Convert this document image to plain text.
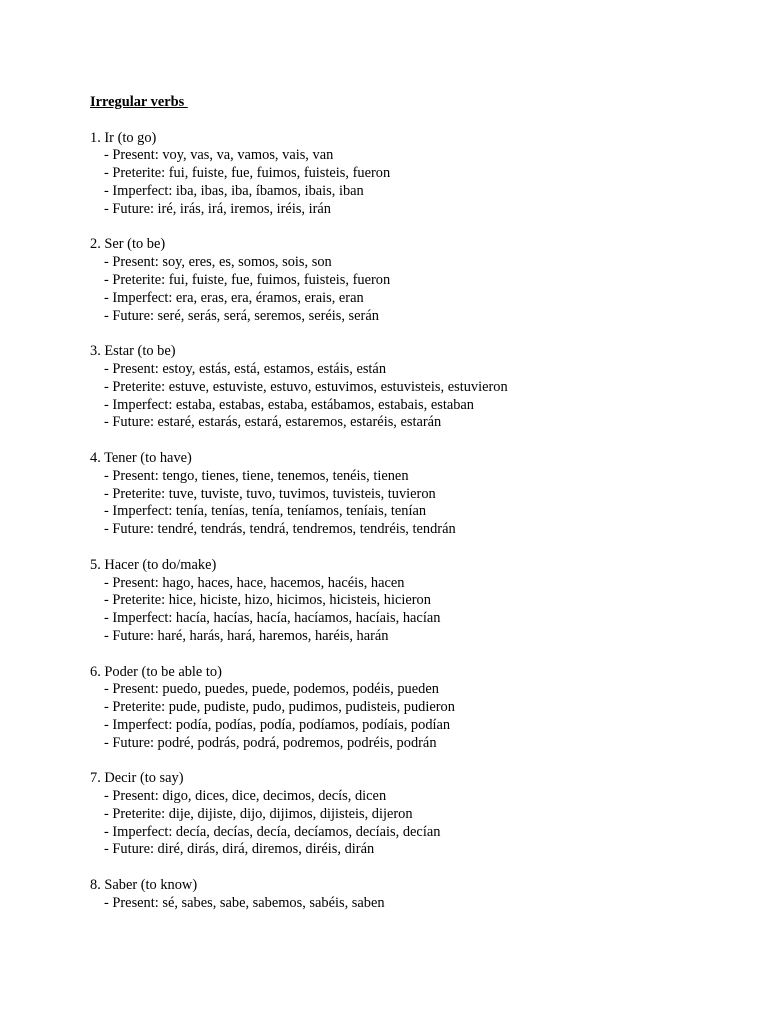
Irregular verbs
1. Ir (to go)
- Present: voy, vas, va, vamos, vais, van
- Preterite: fui, fuiste, fue, fuimos, fuisteis, fueron
- Imperfect: iba, ibas, iba, íbamos, ibais, iban
- Future: iré, irás, irá, iremos, iréis, irán
2. Ser (to be)
- Present: soy, eres, es, somos, sois, son
- Preterite: fui, fuiste, fue, fuimos, fuisteis, fueron
- Imperfect: era, eras, era, éramos, erais, eran
- Future: seré, serás, será, seremos, seréis, serán
3. Estar (to be)
- Present: estoy, estás, está, estamos, estáis, están
- Preterite: estuve, estuviste, estuvo, estuvimos, estuvisteis, estuvieron
- Imperfect: estaba, estabas, estaba, estábamos, estabais, estaban
- Future: estaré, estarás, estará, estaremos, estaréis, estarán
4. Tener (to have)
- Present: tengo, tienes, tiene, tenemos, tenéis, tienen
- Preterite: tuve, tuviste, tuvo, tuvimos, tuvisteis, tuvieron
- Imperfect: tenía, tenías, tenía, teníamos, teníais, tenían
- Future: tendré, tendrás, tendrá, tendremos, tendréis, tendrán
5. Hacer (to do/make)
- Present: hago, haces, hace, hacemos, hacéis, hacen
- Preterite: hice, hiciste, hizo, hicimos, hicisteis, hicieron
- Imperfect: hacía, hacías, hacía, hacíamos, hacíais, hacían
- Future: haré, harás, hará, haremos, haréis, harán
6. Poder (to be able to)
- Present: puedo, puedes, puede, podemos, podéis, pueden
- Preterite: pude, pudiste, pudo, pudimos, pudisteis, pudieron
- Imperfect: podía, podías, podía, podíamos, podíais, podían
- Future: podré, podrás, podrá, podremos, podréis, podrán
7. Decir (to say)
- Present: digo, dices, dice, decimos, decís, dicen
- Preterite: dije, dijiste, dijo, dijimos, dijisteis, dijeron
- Imperfect: decía, decías, decía, decíamos, decíais, decían
- Future: diré, dirás, dirá, diremos, diréis, dirán
8. Saber (to know)
- Present: sé, sabes, sabe, sabemos, sabéis, saben
